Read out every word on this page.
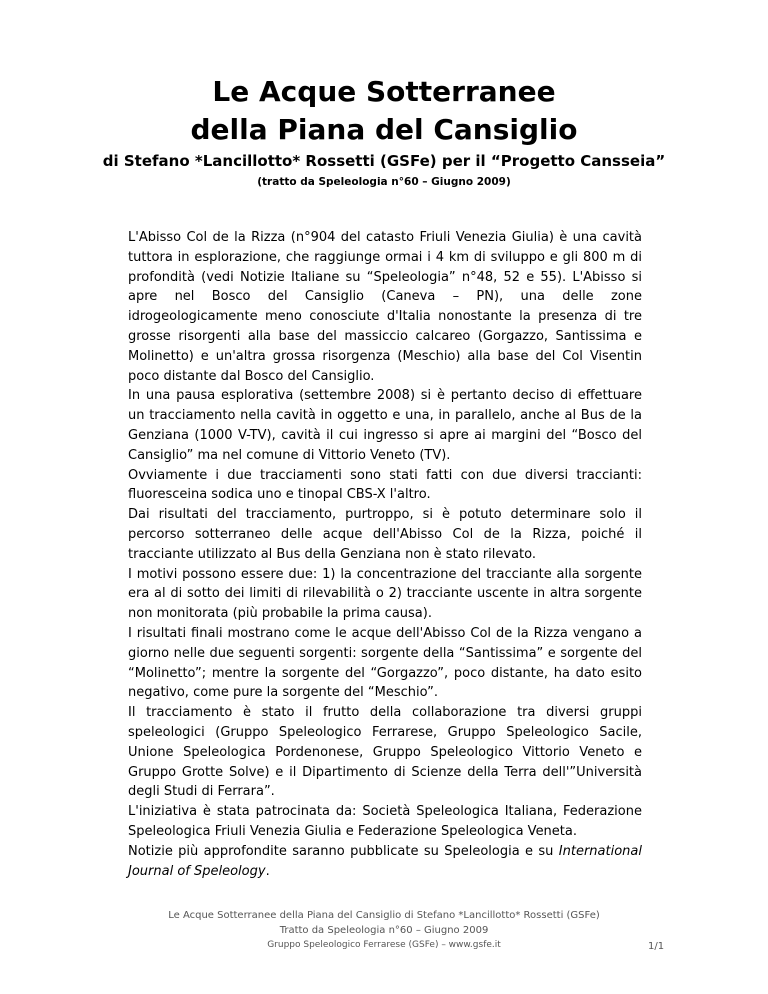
Le Acque Sotterranee
della Piana del Cansiglio
di Stefano *Lancillotto* Rossetti (GSFe) per il “Progetto Cansseia”
(tratto da Speleologia n°60 – Giugno 2009)

L'Abisso Col de la Rizza (n°904 del catasto Friuli Venezia Giulia) è una cavità tuttora in esplorazione, che raggiunge ormai i 4 km di sviluppo e gli 800 m di profondità (vedi Notizie Italiane su “Speleologia” n°48, 52 e 55). L'Abisso si apre nel Bosco del Cansiglio (Caneva – PN), una delle zone idrogeologicamente meno conosciute d'Italia nonostante la presenza di tre grosse risorgenti alla base del massiccio calcareo (Gorgazzo, Santissima e Molinetto) e un'altra grossa risorgenza (Meschio) alla base del Col Visentin poco distante dal Bosco del Cansiglio.

In una pausa esplorativa (settembre 2008) si è pertanto deciso di effettuare un tracciamento nella cavità in oggetto e una, in parallelo, anche al Bus de la Genziana (1000 V-TV), cavità il cui ingresso si apre ai margini del “Bosco del Cansiglio” ma nel comune di Vittorio Veneto (TV).

Ovviamente i due tracciamenti sono stati fatti con due diversi traccianti: fluoresceina sodica uno e tinopal CBS-X l'altro.

Dai risultati del tracciamento, purtroppo, si è potuto determinare solo il percorso sotterraneo delle acque dell'Abisso Col de la Rizza, poiché il tracciante utilizzato al Bus della Genziana non è stato rilevato.

I motivi possono essere due: 1) la concentrazione del tracciante alla sorgente era al di sotto dei limiti di rilevabilità o 2) tracciante uscente in altra sorgente non monitorata (più probabile la prima causa).

I risultati finali mostrano come le acque dell'Abisso Col de la Rizza vengano a giorno nelle due seguenti sorgenti: sorgente della “Santissima” e sorgente del “Molinetto”; mentre la sorgente del “Gorgazzo”, poco distante, ha dato esito negativo, come pure la sorgente del “Meschio”.

Il tracciamento è stato il frutto della collaborazione tra diversi gruppi speleologici (Gruppo Speleologico Ferrarese, Gruppo Speleologico Sacile, Unione Speleologica Pordenonese, Gruppo Speleologico Vittorio Veneto e Gruppo Grotte Solve) e il Dipartimento di Scienze della Terra dell'”Università degli Studi di Ferrara”.

L'iniziativa è stata patrocinata da: Società Speleologica Italiana, Federazione Speleologica Friuli Venezia Giulia e Federazione Speleologica Veneta.

Notizie più approfondite saranno pubblicate su Speleologia e su International Journal of Speleology.

Le Acque Sotterranee della Piana del Cansiglio di Stefano *Lancillotto* Rossetti (GSFe)
Tratto da Speleologia n°60 – Giugno 2009
Gruppo Speleologico Ferrarese (GSFe) – www.gsfe.it	1/1
